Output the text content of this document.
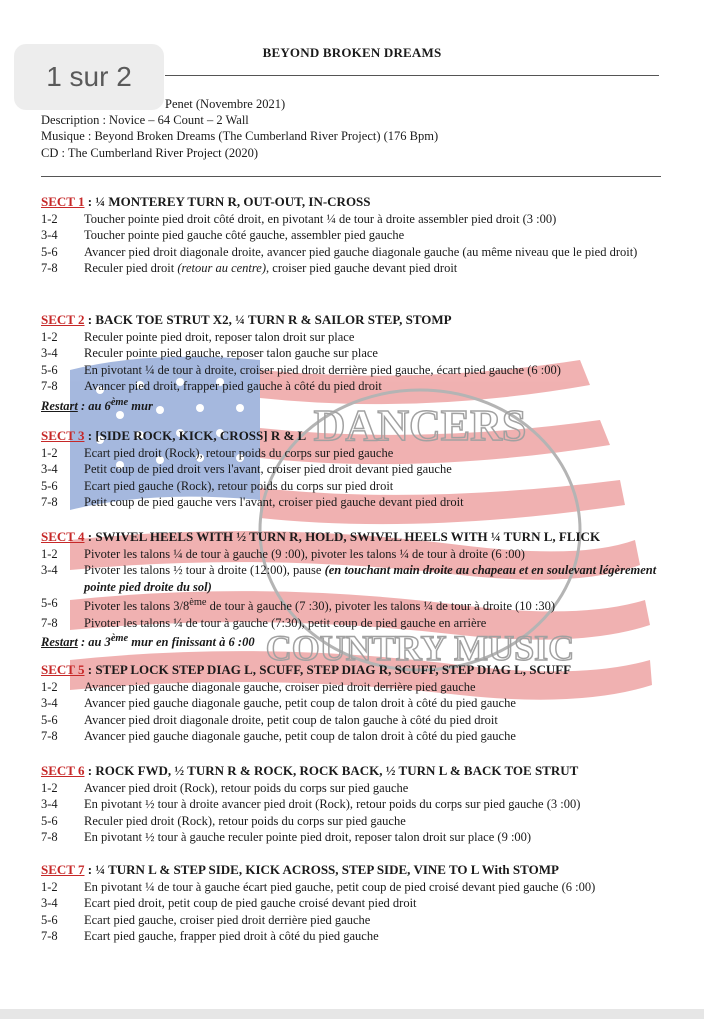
DANCERS
COUNTRY MUSIC
BEYOND BROKEN DREAMS
Penet (Novembre 2021)
Description : Novice – 64 Count – 2 Wall
Musique : Beyond Broken Dreams (The Cumberland River Project) (176 Bpm)
CD : The Cumberland River Project (2020)
SECT 1 : ¼ MONTEREY TURN R, OUT-OUT, IN-CROSS
1-2	Toucher pointe pied droit côté droit, en pivotant ¼ de tour à droite assembler pied droit (3 :00)
3-4	Toucher pointe pied gauche côté gauche, assembler pied gauche
5-6	Avancer pied droit diagonale droite, avancer pied gauche diagonale gauche (au même niveau que le pied droit)
7-8	Reculer pied droit (retour au centre), croiser pied gauche devant pied droit
SECT 2 : BACK TOE STRUT X2, ¼ TURN R & SAILOR STEP, STOMP
1-2	Reculer pointe pied droit, reposer talon droit sur place
3-4	Reculer pointe pied gauche, reposer talon gauche sur place
5-6	En pivotant ¼ de tour à droite, croiser pied droit derrière pied gauche, écart pied gauche (6 :00)
7-8	Avancer pied droit, frapper pied gauche à côté du pied droit
Restart : au 6ème mur
SECT 3 : [SIDE ROCK, KICK, CROSS] R & L
1-2	Ecart pied droit (Rock), retour poids du corps sur pied gauche
3-4	Petit coup de pied droit vers l'avant, croiser pied droit devant pied gauche
5-6	Ecart pied gauche (Rock), retour poids du corps sur pied droit
7-8	Petit coup de pied gauche vers l'avant, croiser pied gauche devant pied droit
SECT 4 : SWIVEL HEELS WITH ½ TURN R, HOLD, SWIVEL HEELS WITH ¼ TURN L, FLICK
1-2	Pivoter les talons ¼ de tour à gauche (9 :00), pivoter les talons ¼ de tour à droite (6 :00)
3-4	Pivoter les talons ½ tour à droite (12:00), pause (en touchant main droite au chapeau et en soulevant légèrement pointe pied droite du sol)
5-6	Pivoter les talons 3/8ème de tour à gauche (7 :30), pivoter les talons ¼ de tour à droite (10 :30)
7-8	Pivoter les talons ¼ de tour à gauche (7:30), petit coup de pied gauche en arrière
Restart : au 3ème mur en finissant à 6 :00
SECT 5 : STEP LOCK STEP DIAG L, SCUFF, STEP DIAG R, SCUFF, STEP DIAG L, SCUFF
1-2	Avancer pied gauche diagonale gauche, croiser pied droit derrière pied gauche
3-4	Avancer pied gauche diagonale gauche, petit coup de talon droit à côté du pied gauche
5-6	Avancer pied droit diagonale droite, petit coup de talon gauche à côté du pied droit
7-8	Avancer pied gauche diagonale gauche, petit coup de talon droit à côté du pied gauche
SECT 6 : ROCK FWD, ½ TURN R & ROCK, ROCK BACK, ½ TURN L & BACK TOE STRUT
1-2	Avancer pied droit (Rock), retour poids du corps sur pied gauche
3-4	En pivotant ½ tour à droite avancer pied droit (Rock), retour poids du corps sur pied gauche (3 :00)
5-6	Reculer pied droit (Rock), retour poids du corps sur pied gauche
7-8	En pivotant ½ tour à gauche reculer pointe pied droit, reposer talon droit sur place (9 :00)
SECT 7 : ¼ TURN L & STEP SIDE, KICK ACROSS, STEP SIDE, VINE TO L With STOMP
1-2	En pivotant ¼ de tour à gauche écart pied gauche, petit coup de pied croisé devant pied gauche (6 :00)
3-4	Ecart pied droit, petit coup de pied gauche croisé devant pied droit
5-6	Ecart pied gauche, croiser pied droit derrière pied gauche
7-8	Ecart pied gauche, frapper pied droit à côté du pied gauche
1 sur 2
